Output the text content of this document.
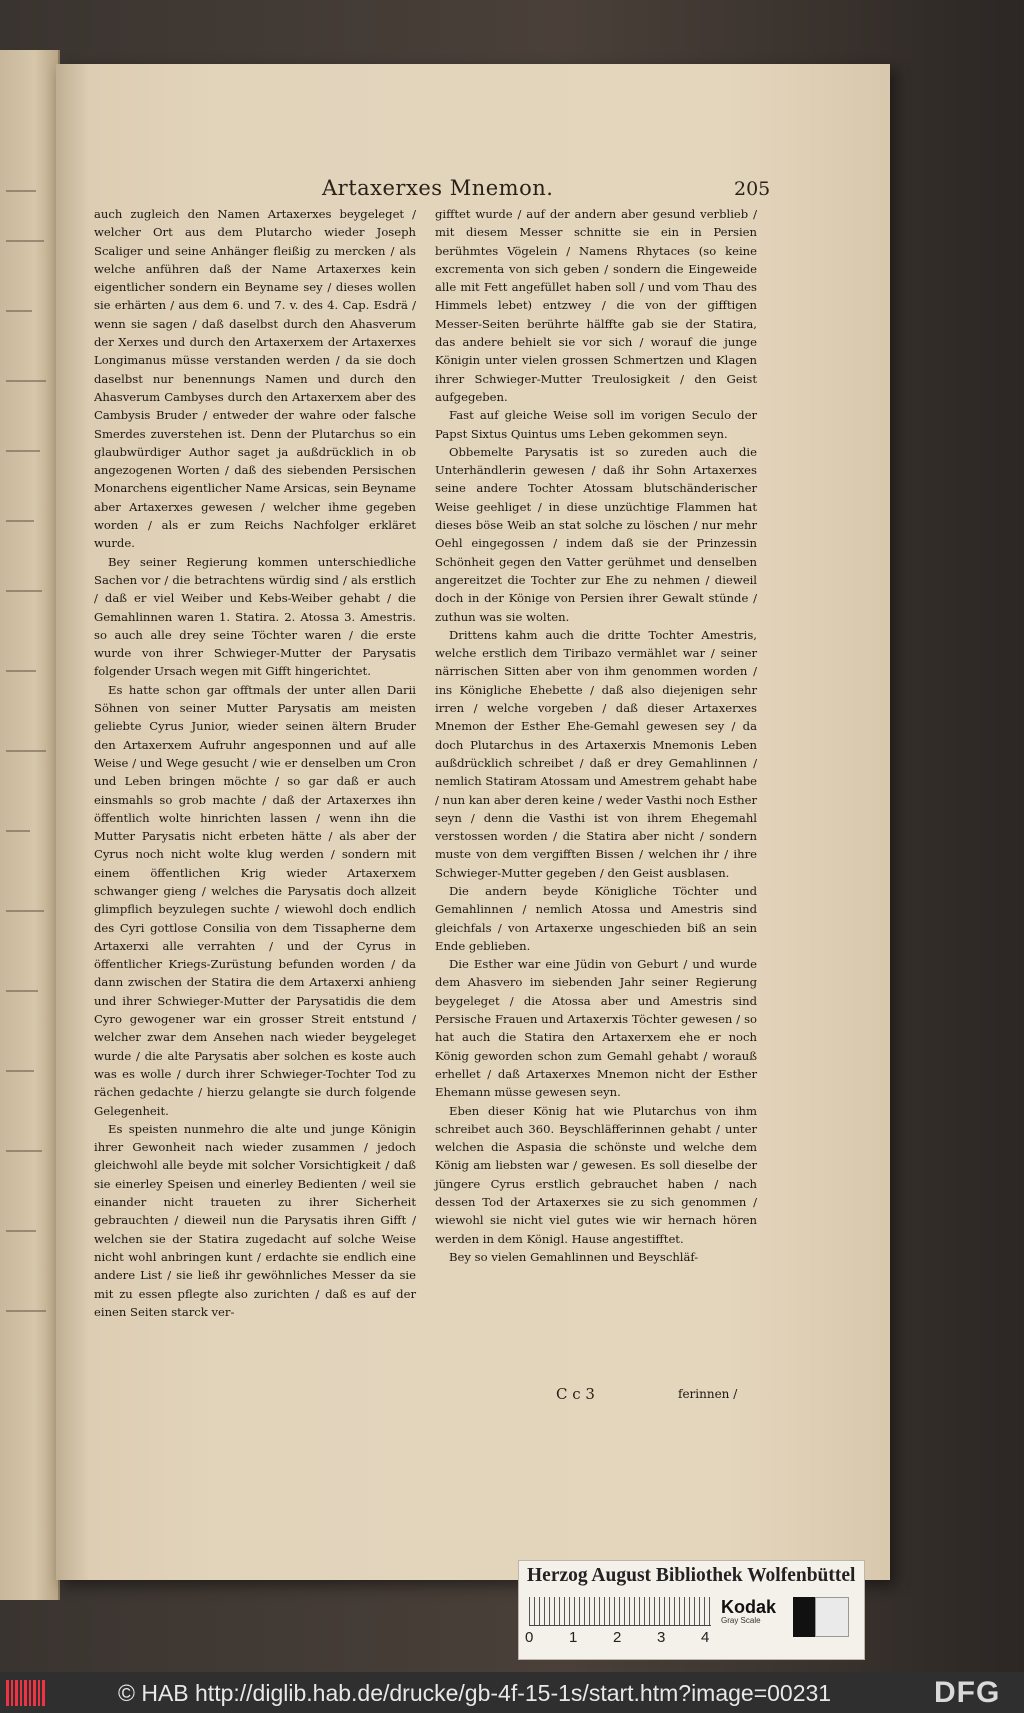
Artaxerxes Mnemon.	205

auch zugleich den Namen Artaxerxes beygeleget / welcher Ort aus dem Plutarcho wieder Joseph Scaliger und seine Anhänger fleißig zu mercken / als welche anführen daß der Name Artaxerxes kein eigentlicher sondern ein Beyname sey / dieses wollen sie erhärten / aus dem 6. und 7. v. des 4. Cap. Esdrä / wenn sie sagen / daß daselbst durch den Ahasverum der Xerxes und durch den Artaxerxem der Artaxerxes Longimanus müsse verstanden werden / da sie doch daselbst nur benennungs Namen und durch den Ahasverum Cambyses durch den Artaxerxem aber des Cambysis Bruder / entweder der wahre oder falsche Smerdes zuverstehen ist. Denn der Plutarchus so ein glaubwürdiger Author saget ja außdrücklich in ob angezogenen Worten / daß des siebenden Persischen Monarchens eigentlicher Name Arsicas, sein Beyname aber Artaxerxes gewesen / welcher ihme gegeben worden / als er zum Reichs Nachfolger erkläret wurde.

Bey seiner Regierung kommen unterschiedliche Sachen vor / die betrachtens würdig sind / als erstlich / daß er viel Weiber und Kebs-Weiber gehabt / die Gemahlinnen waren 1. Statira. 2. Atossa 3. Amestris. so auch alle drey seine Töchter waren / die erste wurde von ihrer Schwieger-Mutter der Parysatis folgender Ursach wegen mit Gifft hingerichtet.

Es hatte schon gar offtmals der unter allen Darii Söhnen von seiner Mutter Parysatis am meisten geliebte Cyrus Junior, wieder seinen ältern Bruder den Artaxerxem Aufruhr angesponnen und auf alle Weise / und Wege gesucht / wie er denselben um Cron und Leben bringen möchte / so gar daß er auch einsmahls so grob machte / daß der Artaxerxes ihn öffentlich wolte hinrichten lassen / wenn ihn die Mutter Parysatis nicht erbeten hätte / als aber der Cyrus noch nicht wolte klug werden / sondern mit einem öffentlichen Krig wieder Artaxerxem schwanger gieng / welches die Parysatis doch allzeit glimpflich beyzulegen suchte / wiewohl doch endlich des Cyri gottlose Consilia von dem Tissapherne dem Artaxerxi alle verrahten / und der Cyrus in öffentlicher Kriegs-Zurüstung befunden worden / da dann zwischen der Statira die dem Artaxerxi anhieng und ihrer Schwieger-Mutter der Parysatidis die dem Cyro gewogener war ein grosser Streit entstund / welcher zwar dem Ansehen nach wieder beygeleget wurde / die alte Parysatis aber solchen es koste auch was es wolle / durch ihrer Schwieger-Tochter Tod zu rächen gedachte / hierzu gelangte sie durch folgende Gelegenheit.

Es speisten nunmehro die alte und junge Königin ihrer Gewonheit nach wieder zusammen / jedoch gleichwohl alle beyde mit solcher Vorsichtigkeit / daß sie einerley Speisen und einerley Bedienten / weil sie einander nicht traueten zu ihrer Sicherheit gebrauchten / dieweil nun die Parysatis ihren Gifft / welchen sie der Statira zugedacht auf solche Weise nicht wohl anbringen kunt / erdachte sie endlich eine andere List / sie ließ ihr gewöhnliches Messer da sie mit zu essen pflegte also zurichten / daß es auf der einen Seiten starck ver-

gifftet wurde / auf der andern aber gesund verblieb / mit diesem Messer schnitte sie ein in Persien berühmtes Vögelein / Namens Rhytaces (so keine excrementa von sich geben / sondern die Eingeweide alle mit Fett angefüllet haben soll / und vom Thau des Himmels lebet) entzwey / die von der gifftigen Messer-Seiten berührte hälffte gab sie der Statira, das andere behielt sie vor sich / worauf die junge Königin unter vielen grossen Schmertzen und Klagen ihrer Schwieger-Mutter Treulosigkeit / den Geist aufgegeben.

Fast auf gleiche Weise soll im vorigen Seculo der Papst Sixtus Quintus ums Leben gekommen seyn.

Obbemelte Parysatis ist so zureden auch die Unterhändlerin gewesen / daß ihr Sohn Artaxerxes seine andere Tochter Atossam blutschänderischer Weise geehliget / in diese unzüchtige Flammen hat dieses böse Weib an stat solche zu löschen / nur mehr Oehl eingegossen / indem daß sie der Prinzessin Schönheit gegen den Vatter gerühmet und denselben angereitzet die Tochter zur Ehe zu nehmen / dieweil doch in der Könige von Persien ihrer Gewalt stünde / zuthun was sie wolten.

Drittens kahm auch die dritte Tochter Amestris, welche erstlich dem Tiribazo vermählet war / seiner närrischen Sitten aber von ihm genommen worden / ins Königliche Ehebette / daß also diejenigen sehr irren / welche vorgeben / daß dieser Artaxerxes Mnemon der Esther Ehe-Gemahl gewesen sey / da doch Plutarchus in des Artaxerxis Mnemonis Leben außdrücklich schreibet / daß er drey Gemahlinnen / nemlich Statiram Atossam und Amestrem gehabt habe / nun kan aber deren keine / weder Vasthi noch Esther seyn / denn die Vasthi ist von ihrem Ehegemahl verstossen worden / die Statira aber nicht / sondern muste von dem vergifften Bissen / welchen ihr / ihre Schwieger-Mutter gegeben / den Geist ausblasen.

Die andern beyde Königliche Töchter und Gemahlinnen / nemlich Atossa und Amestris sind gleichfals / von Artaxerxe ungeschieden biß an sein Ende geblieben.

Die Esther war eine Jüdin von Geburt / und wurde dem Ahasvero im siebenden Jahr seiner Regierung beygeleget / die Atossa aber und Amestris sind Persische Frauen und Artaxerxis Töchter gewesen / so hat auch die Statira den Artaxerxem ehe er noch König geworden schon zum Gemahl gehabt / worauß erhellet / daß Artaxerxes Mnemon nicht der Esther Ehemann müsse gewesen seyn.

Eben dieser König hat wie Plutarchus von ihm schreibet auch 360. Beyschläfferinnen gehabt / unter welchen die Aspasia die schönste und welche dem König am liebsten war / gewesen. Es soll dieselbe der jüngere Cyrus erstlich gebrauchet haben / nach dessen Tod der Artaxerxes sie zu sich genommen / wiewohl sie nicht viel gutes wie wir hernach hören werden in dem Königl. Hause angestifftet.

Bey so vielen Gemahlinnen und Beyschläf-

C c 3	ferinnen /
Herzog August Bibliothek Wolfenbüttel
0 1 2 3 4
Kodak
Gray Scale
© HAB http://diglib.hab.de/drucke/gb-4f-15-1s/start.htm?image=00231	DFG
